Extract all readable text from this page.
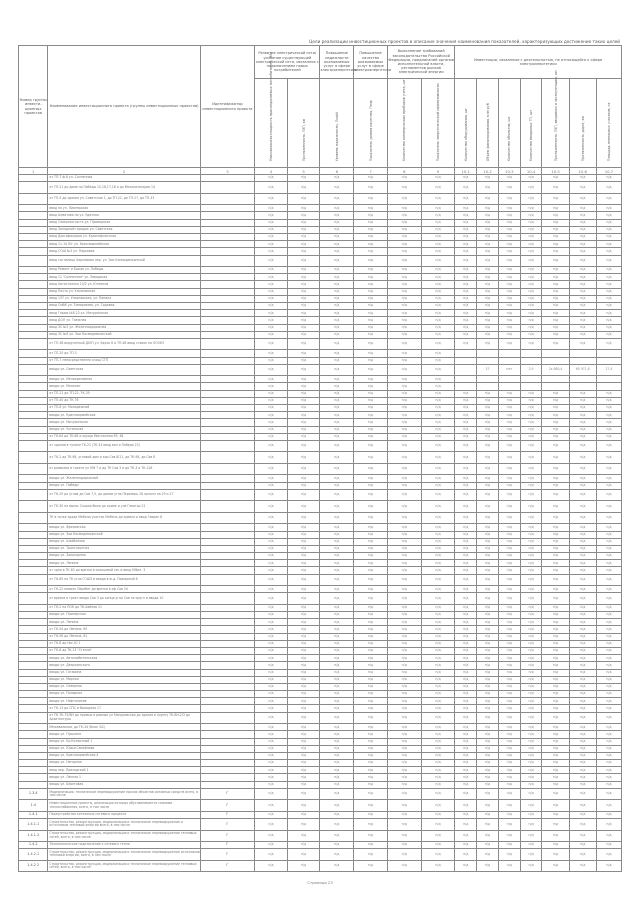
Цели реализации инвестиционных проектов в описание значения наименования показателей, характеризующих достижение таких целей
Номер группы инвести-ционных проектов	Наименование инвестиционного проекта (группы инвестиционных проектов)	Идентификатор инвестиционного проекта	Развитие электрической сети/усиление существующей электрической сети, связанное с подключением новых потребителей		Повышение надежности оказываемых услуг в сфере электроэнергетики	Повышение качества оказываемых услуг в сфере электроэнергетики	Выполнение требований законодательства Российской Федерации, предписаний органов исполнительной власти, регламентов рынков электрической энергии		Инвестиции, связанные с деятельностью, не относящейся к сфере электроэнергетики						

			Максимальная мощность присоединяемых потребителей, МВт	Протяженность ЛЭП, км	Уровень надежности, Пsaidi	Показатель уровня качества, Птпр	Количество коммерческих приборов учета, шт	Показатель энергетической эффективности	Количество оборудования, шт	Объем финансирования, млн руб	Количество объектов, шт	Количество вводимых ТП, шт	Протяженность ЛЭП, вводимых в эксплуатацию, км	Протяженность дорог, км	Площадь земельных участков, га

1	2	3	4	5	6	7	8	9	10.1	10.2	10.3	10.4	10.5	10.6	10.7
	от ТП-7 ф.6 ул. Солнечная		н/д	н/д	н/д	н/д	н/д	н/д	н/д	н/д	н/д	н/д	н/д	н/д	н/д
	от ТП-21 до дома по Победы 15,16,17,18 и до Механизаторов 14		н/д	н/д	н/д	н/д	н/д	н/д	н/д	н/д	н/д	н/д	н/д	н/д	н/д
	от ТП-5 до здания ул. Советская 1, до ТП-22, до ТП-27, до ТП-33		н/д	н/д	н/д	н/д	н/д	н/д	н/д	н/д	н/д	н/д	н/д	н/д	н/д
	ввод по ул. Пионерская		н/д	н/д	н/д	н/д	н/д	н/д	н/д	н/д	н/д	н/д	н/д	н/д	н/д
	ввод Ахматова по ул. Удачная		н/д	н/д	н/д	н/д	н/д	н/д	н/д	н/д	н/д	н/д	н/д	н/д	н/д
	ввод Северная часть ул. Приморская		н/д	н/д	н/д	н/д	н/д	н/д	н/д	н/д	н/д	н/д	н/д	н/д	н/д
	ввод Западный городок ул. Советская		н/д	н/д	н/д	н/д	н/д	н/д	н/д	н/д	н/д	н/д	н/д	н/д	н/д
	ввод Дом офицеров ул. Краснофлотская		н/д	н/д	н/д	н/д	н/д	н/д	н/д	н/д	н/д	н/д	н/д	н/д	н/д
	ввод 11-14 Юг ул. Красноармейская		н/д	н/д	н/д	н/д	н/д	н/д	н/д	н/д	н/д	н/д	н/д	н/д	н/д
	ввод СОШ №3 ул. Парковая		н/д	н/д	н/д	н/д	н/д	н/д	н/д	н/д	н/д	н/д	н/д	н/д	н/д
	ввод гостиница Харламова пер. ул. Зои Космодемьянской		н/д	н/д	н/д	н/д	н/д	н/д	н/д	н/д	н/д	н/д	н/д	н/д	н/д
	ввод Ремонт и Быков ул. Победы		н/д	н/д	н/д	н/д	н/д	н/д	н/д	н/д	н/д	н/д	н/д	н/д	н/д
	ввод 11 "Солнечная" ул. Заводская		н/д	н/д	н/д	н/д	н/д	н/д	н/д	н/д	н/д	н/д	н/д	н/д	н/д
	ввод Автостоянка 13/2 ул. Юннатов		н/д	н/д	н/д	н/д	н/д	н/д	н/д	н/д	н/д	н/д	н/д	н/д	н/д
	ввод Почта ул. Ульяновская		н/д	н/д	н/д	н/д	н/д	н/д	н/д	н/д	н/д	н/д	н/д	н/д	н/д
	ввод 137 ул. Ульяновская, ул. Панина		н/д	н/д	н/д	н/д	н/д	н/д	н/д	н/д	н/д	н/д	н/д	н/д	н/д
	ввод СмВК ул. Тимирязева, ул. Садовая		н/д	н/д	н/д	н/д	н/д	н/д	н/д	н/д	н/д	н/д	н/д	н/д	н/д
	ввод Гараж №8 23 ул. Мичуринская		н/д	н/д	н/д	н/д	н/д	н/д	н/д	н/д	н/д	н/д	н/д	н/д	н/д
	ввод ДОЛ ул. Таежная		н/д	н/д	н/д	н/д	н/д	н/д	н/д	н/д	н/д	н/д	н/д	н/д	н/д
	ввод ЗС №5 ул. Железнодорожная		н/д	н/д	н/д	н/д	н/д	н/д	н/д	н/д	н/д	н/д	н/д	н/д	н/д
	ввод ЗС №6 ул. Зои Космодемьянской		н/д	н/д	н/д	н/д	н/д	н/д	н/д	н/д	н/д	н/д	н/д	н/д	н/д
	от ТП-38 вырученный ДЮП ул. Удаль 8 и ТП-48 ввод ставок на ЛОЭКЗ		н/д	н/д	н/д	н/д	н/д	н/д	н/д	н/д	н/д	н/д	н/д	н/д	н/д
	от ТП-20 до ТП-3		н/д	н/д	н/д	н/д	н/д	н/д							
	от ТП-7 непосредственно очищ СТП		н/д	н/д	н/д	н/д	н/д	н/д							
	вводы ул. Советская		н/д	н/д	н/д	н/д	н/д	н/д		37	нет	2,9	2х 880,4	65 971,8	27,4
	вводы ул. Мелиоративная		н/д	н/д	н/д	н/д	н/д	н/д							
	вводы ул. Монолит		н/д	н/д	н/д	н/д	н/д	н/д							
	от ТП-21 до ТП-22, ТК-35		н/д	н/д	н/д	н/д	н/д	н/д	н/д	н/д	н/д	н/д	н/д	н/д	н/д
	от ТП-40 до ТК-76		н/д	н/д	н/д	н/д	н/д	н/д	н/д	н/д	н/д	н/д	н/д	н/д	н/д
	от ТП-8 ул. Молодежной		н/д	н/д	н/д	н/д	н/д	н/д	н/д	н/д	н/д	н/д	н/д	н/д	н/д
	вводы ул. Красноармейская		н/д	н/д	н/д	н/д	н/д	н/д	н/д	н/д	н/д	н/д	н/д	н/д	н/д
	вводы ул. Мичуринская		н/д	н/д	н/д	н/д	н/д	н/д	н/д	н/д	н/д	н/д	н/д	н/д	н/д
	вводы ул. Ухтинская		н/д	н/д	н/д	н/д	н/д	н/д	н/д	н/д	н/д	н/д	н/д	н/д	н/д
	от ТК-64 до ТК-68 и хрущи Монтажная 65, 64		н/д	н/д	н/д	н/д	н/д	н/д	н/д	н/д	н/д	н/д	н/д	н/д	н/д
	от здания в тупике ТК-22 (ТК-33 ввод вал и Победа 23)		н/д	н/д	н/д	н/д	н/д	н/д	н/д	н/д	н/д	н/д	н/д	н/д	н/д
	от ТК-2 до ТК-98, угловой дом и кор Сов 8/11, до ТК-98, до Сов 8		н/д	н/д	н/д	н/д	н/д	н/д	н/д	н/д	н/д	н/д	н/д	н/д	н/д
	от развилки в тракте ул Юб 7 и до ТК Сов 3 и до ТК-3 и ТК-126		н/д	н/д	н/д	н/д	н/д	н/д	н/д	н/д	н/д	н/д	н/д	н/д	н/д
	вводы ул. Железнодорожный		н/д	н/д	н/д	н/д	н/д	н/д	н/д	н/д	н/д	н/д	н/д	н/д	н/д
	вводы ул. Победы		н/д	н/д	н/д	н/д	н/д	н/д	н/д	н/д	н/д	н/д	н/д	н/д	н/д
	от ТК-29 до углов до Сов 7,5, до домов угла Перемыш 26 прхолл на 29 и 27		н/д	н/д	н/д	н/д	н/д	н/д	н/д	н/д	н/д	н/д	н/д	н/д	н/д
	от ТК-30 на вынос Скорая была до кроме и ула Гаватьи 21		н/д	н/д	н/д	н/д	н/д	н/д	н/д	н/д	н/д	н/д	н/д	н/д	н/д
	ТК в точке здаде Мебели участок Мебель до кровля и ввод Гаврил 8		н/д	н/д	н/д	н/д	н/д	н/д	н/д	н/д	н/д	н/д	н/д	н/д	н/д
	вводы ул. Фрезовская		н/д	н/д	н/д	н/д	н/д	н/д	н/д	н/д	н/д	н/д	н/д	н/д	н/д
	вводы ул. Зои Космодемьянской		н/д	н/д	н/д	н/д	н/д	н/д	н/д	н/д	н/д	н/д	н/д	н/д	н/д
	вводы ул. Шахбанова		н/д	н/д	н/д	н/д	н/д	н/д	н/д	н/д	н/д	н/д	н/д	н/д	н/д
	вводы ул. Транспортная		н/д	н/д	н/д	н/д	н/д	н/д	н/д	н/д	н/д	н/д	н/д	н/д	н/д
	вводы ул. Заполярная		н/д	н/д	н/д	н/д	н/д	н/д	н/д	н/д	н/д	н/д	н/д	н/д	н/д
	вводы ул. Ленина		н/д	н/д	н/д	н/д	н/д	н/д	н/д	н/д	н/д	н/д	н/д	н/д	н/д
	от здня в ТК-63 до врезки в кольцевой сеч и ввод Юбил. 3		н/д	н/д	н/д	н/д	н/д	н/д	н/д	н/д	н/д	н/д	н/д	н/д	н/д
	от ТК-65 на ТК угла ГОШЗ и ввода в ж.д. Пожарный 6		н/д	н/д	н/д	н/д	н/д	н/д	н/д	н/д	н/д	н/д	н/д	н/д	н/д
	от ТК-22 помоек Перебег до врезки в кф Сов 24		н/д	н/д	н/д	н/д	н/д	н/д	н/д	н/д	н/д	н/д	н/д	н/д	н/д
	от врезки в тракт ввода Сов 3 до конца угла Сов на кругл и ввода 10		н/д	н/д	н/д	н/д	н/д	н/д	н/д	н/д	н/д	н/д	н/д	н/д	н/д
	от ТК-2 на ПОК до ТК-Хайлов 11		н/д	н/д	н/д	н/д	н/д	н/д	н/д	н/д	н/д	н/д	н/д	н/д	н/д
	вводы ул. Пионерская		н/д	н/д	н/д	н/д	н/д	н/д	н/д	н/д	н/д	н/д	н/д	н/д	н/д
	вводы ул. Ленина		н/д	н/д	н/д	н/д	н/д	н/д	н/д	н/д	н/д	н/д	н/д	н/д	н/д
	от ТК-54 до Ленина, 65		н/д	н/д	н/д	н/д	н/д	н/д	н/д	н/д	н/д	н/д	н/д	н/д	н/д
	от ТК-56 до Ленина, 61		н/д	н/д	н/д	н/д	н/д	н/д	н/д	н/д	н/д	н/д	н/д	н/д	н/д
	от ТК-8 до Ног-Ю 1		н/д	н/д	н/д	н/д	н/д	н/д	н/д	н/д	н/д	н/д	н/д	н/д	н/д
	от ТК-8 до ТК-13 "Стелла"		н/д	н/д	н/д	н/д	н/д	н/д	н/д	н/д	н/д	н/д	н/д	н/д	н/д
	вводы ул. Автолюбительская		н/д	н/д	н/д	н/д	н/д	н/д	н/д	н/д	н/д	н/д	н/д	н/д	н/д
	вводы ул. Дзержинского		н/д	н/д	н/д	н/д	н/д	н/д	н/д	н/д	н/д	н/д	н/д	н/д	н/д
	вводы ул. Гагарина		н/д	н/д	н/д	н/д	н/д	н/д	н/д	н/д	н/д	н/д	н/д	н/д	н/д
	вводы ул. Мирная		н/д	н/д	н/д	н/д	н/д	н/д	н/д	н/д	н/д	н/д	н/д	н/д	н/д
	вводы ул. Северная		н/д	н/д	н/д	н/д	н/д	н/д	н/д	н/д	н/д	н/д	н/д	н/д	н/д
	вводы ул. Полярная		н/д	н/д	н/д	н/д	н/д	н/д	н/д	н/д	н/д	н/д	н/д	н/д	н/д
	вводы ул. Нефтяников		н/д	н/д	н/д	н/д	н/д	н/д	н/д	н/д	н/д	н/д	н/д	н/д	н/д
	от ТК-13 до СПС и Выходная 17		н/д	н/д	н/д	н/д	н/д	н/д	н/д	н/д	н/д	н/д	н/д	н/д	н/д
	от ТК-ТК-75/ВН до прямых в ровные ул Минуровская до здания в группу ТК-ВН-2/3 до Архитектуры		н/д	н/д	н/д	н/д	н/д	н/д	н/д	н/д	н/д	н/д	н/д	н/д	н/д
	Межевальная, до ТК-34 (блок 3/2)		н/д	н/д	н/д	н/д	н/д	н/д	н/д	н/д	н/д	н/д	н/д	н/д	н/д
	вводы ул. Пушкина		н/д	н/д	н/д	н/д	н/д	н/д	н/д	н/д	н/д	н/д	н/д	н/д	н/д
	вводы ул. Кр.Колхозный 1		н/д	н/д	н/д	н/д	н/д	н/д	н/д	н/д	н/д	н/д	н/д	н/д	н/д
	вводы ул. Юрия Самойлова		н/д	н/д	н/д	н/д	н/д	н/д	н/д	н/д	н/д	н/д	н/д	н/д	н/д
	вводы ул. Красноармейская 4		н/д	н/д	н/д	н/д	н/д	н/д	н/д	н/д	н/д	н/д	н/д	н/д	н/д
	вводы ул. Негорная		н/д	н/д	н/д	н/д	н/д	н/д	н/д	н/д	н/д	н/д	н/д	н/д	н/д
	ввод пер. Приходской 1		н/д	н/д	н/д	н/д	н/д	н/д	н/д	н/д	н/д	н/д	н/д	н/д	н/д
	вводы ул. Лесная 1		н/д	н/д	н/д	н/д	н/д	н/д	н/д	н/д	н/д	н/д	н/д	н/д	н/д
	вводы ул. Береговая		н/д	н/д	н/д	н/д	н/д	н/д	н/д	н/д	н/д	н/д	н/д	н/д	н/д
1.3.4	Модернизация, техническое перевооружение прочих объектов основных средств всего, в том числе	Г	н/д	н/д	н/д	н/д	н/д	н/д	н/д	н/д	н/д	н/д	н/д	н/д	н/д
1.4	Инвестиционные проекты, реализация которых обуславливается схемами теплоснабжения, всего, в том числе	Г	н/д	н/д	н/д	н/д	н/д	н/д	н/д	н/д	н/д	н/д	н/д	н/д	н/д
1.4.1	Переустройство котельных сетевого процесса	Г	н/д	н/д	н/д	н/д	н/д	н/д	н/д	н/д	н/д	н/д	н/д	н/д	н/д
1.4.1.1	Строительство, реконструкция, модернизация и техническое перевооружение и источников тепловой энергии всего, в том числе	Г	н/д	н/д	н/д	н/д	н/д	н/д	н/д	н/д	н/д	н/д	н/д	н/д	н/д
1.4.1.2	Строительство, реконструкция, модернизация и техническое перевооружение тепловых сетей, всего, в том числе	Г	н/д	н/д	н/д	н/д	н/д	н/д	н/д	н/д	н/д	н/д	н/д	н/д	н/д
1.4.2	Технологическое подключение к сетевого тепла	Г	н/д	н/д	н/д	н/д	н/д	н/д	н/д	н/д	н/д	н/д	н/д	н/д	н/д
1.4.2.1	Строительство, реконструкция, модернизация и техническое перевооружение источников тепловой энергии, всего, в том числе	Г	н/д	н/д	н/д	н/д	н/д	н/д	н/д	н/д	н/д	н/д	н/д	н/д	н/д
1.4.2.2	Строительство, реконструкция, модернизация и техническое перевооружение тепловых сетей, всего, в том числе	Г	н/д	н/д	н/д	н/д	н/д	н/д	н/д	н/д	н/д	н/д	н/д	н/д	н/д
Страница 23
